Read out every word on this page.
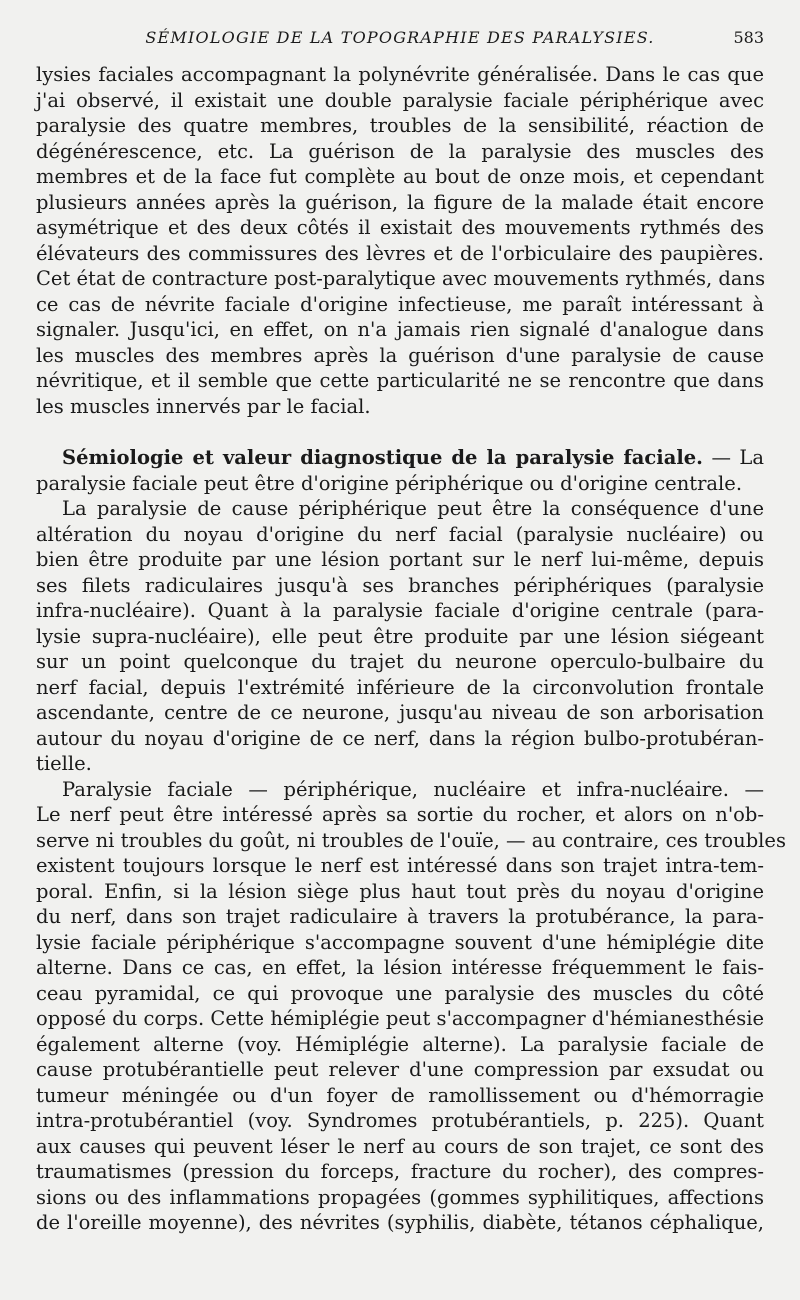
SÉMIOLOGIE DE LA TOPOGRAPHIE DES PARALYSIES.	583
lysies faciales accompagnant la polynévrite généralisée. Dans le cas que
j'ai observé, il existait une double paralysie faciale périphérique avec
paralysie des quatre membres, troubles de la sensibilité, réaction de
dégénérescence, etc. La guérison de la paralysie des muscles des
membres et de la face fut complète au bout de onze mois, et cependant
plusieurs années après la guérison, la figure de la malade était encore
asymétrique et des deux côtés il existait des mouvements rythmés des
élévateurs des commissures des lèvres et de l'orbiculaire des paupières.
Cet état de contracture post-paralytique avec mouvements rythmés, dans
ce cas de névrite faciale d'origine infectieuse, me paraît intéressant à
signaler. Jusqu'ici, en effet, on n'a jamais rien signalé d'analogue dans
les muscles des membres après la guérison d'une paralysie de cause
névritique, et il semble que cette particularité ne se rencontre que dans
les muscles innervés par le facial.
Sémiologie et valeur diagnostique de la paralysie faciale. — La
paralysie faciale peut être d'origine périphérique ou d'origine centrale.
La paralysie de cause périphérique peut être la conséquence d'une
altération du noyau d'origine du nerf facial (paralysie nucléaire) ou
bien être produite par une lésion portant sur le nerf lui-même, depuis
ses filets radiculaires jusqu'à ses branches périphériques (paralysie
infra-nucléaire). Quant à la paralysie faciale d'origine centrale (para-
lysie supra-nucléaire), elle peut être produite par une lésion siégeant
sur un point quelconque du trajet du neurone operculo-bulbaire du
nerf facial, depuis l'extrémité inférieure de la circonvolution frontale
ascendante, centre de ce neurone, jusqu'au niveau de son arborisation
autour du noyau d'origine de ce nerf, dans la région bulbo-protubéran-
tielle.
Paralysie faciale — périphérique, nucléaire et infra-nucléaire. —
Le nerf peut être intéressé après sa sortie du rocher, et alors on n'ob-
serve ni troubles du goût, ni troubles de l'ouïe, — au contraire, ces troubles
existent toujours lorsque le nerf est intéressé dans son trajet intra-tem-
poral. Enfin, si la lésion siège plus haut tout près du noyau d'origine
du nerf, dans son trajet radiculaire à travers la protubérance, la para-
lysie faciale périphérique s'accompagne souvent d'une hémiplégie dite
alterne. Dans ce cas, en effet, la lésion intéresse fréquemment le fais-
ceau pyramidal, ce qui provoque une paralysie des muscles du côté
opposé du corps. Cette hémiplégie peut s'accompagner d'hémianesthésie
également alterne (voy. Hémiplégie alterne). La paralysie faciale de
cause protubérantielle peut relever d'une compression par exsudat ou
tumeur méningée ou d'un foyer de ramollissement ou d'hémorragie
intra-protubérantiel (voy. Syndromes protubérantiels, p. 225). Quant
aux causes qui peuvent léser le nerf au cours de son trajet, ce sont des
traumatismes (pression du forceps, fracture du rocher), des compres-
sions ou des inflammations propagées (gommes syphilitiques, affections
de l'oreille moyenne), des névrites (syphilis, diabète, tétanos céphalique,
